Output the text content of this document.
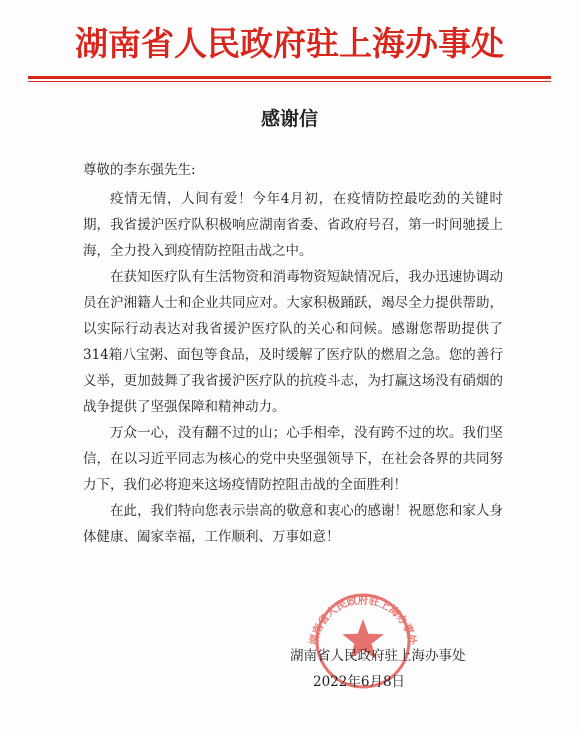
湖南省人民政府驻上海办事处
感谢信
尊敬的李东强先生:

疫情无情，人间有爱！今年4月初，在疫情防控最吃劲的关键时期，我省援沪医疗队积极响应湖南省委、省政府号召，第一时间驰援上海，全力投入到疫情防控阻击战之中。

在获知医疗队有生活物资和消毒物资短缺情况后，我办迅速协调动员在沪湘籍人士和企业共同应对。大家积极踊跃，竭尽全力提供帮助，以实际行动表达对我省援沪医疗队的关心和问候。感谢您帮助提供了314箱八宝粥、面包等食品，及时缓解了医疗队的燃眉之急。您的善行义举，更加鼓舞了我省援沪医疗队的抗疫斗志，为打赢这场没有硝烟的战争提供了坚强保障和精神动力。

万众一心，没有翻不过的山；心手相牵，没有跨不过的坎。我们坚信，在以习近平同志为核心的党中央坚强领导下，在社会各界的共同努力下，我们必将迎来这场疫情防控阻击战的全面胜利！

在此，我们特向您表示崇高的敬意和衷心的感谢！祝愿您和家人身体健康、阖家幸福，工作顺利、万事如意！

湖南省人民政府驻上海办事处
湖南省人民政府驻上海办事处
2022年6月8日
